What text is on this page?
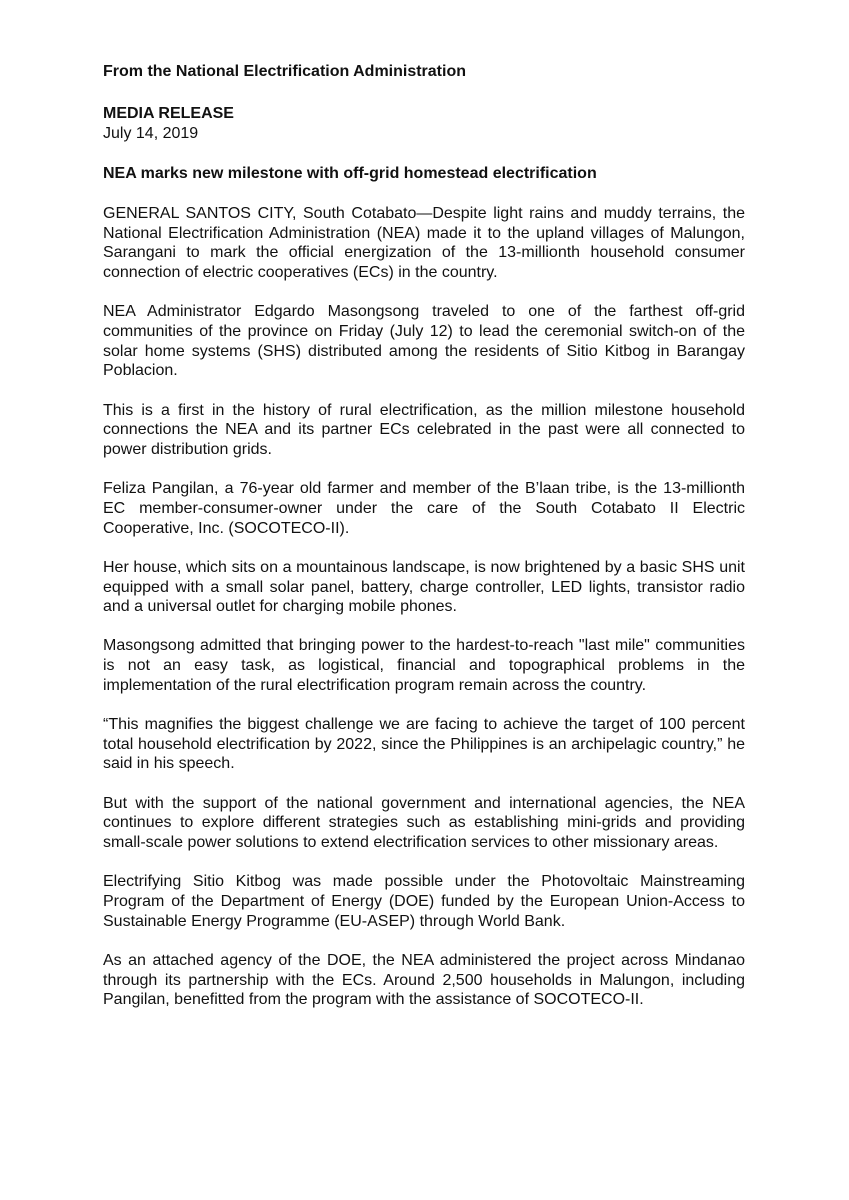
From the National Electrification Administration

MEDIA RELEASE

July 14, 2019

NEA marks new milestone with off-grid homestead electrification

GENERAL SANTOS CITY, South Cotabato—Despite light rains and muddy terrains, the National Electrification Administration (NEA) made it to the upland villages of Malungon, Sarangani to mark the official energization of the 13-millionth household consumer connection of electric cooperatives (ECs) in the country.

NEA Administrator Edgardo Masongsong traveled to one of the farthest off-grid communities of the province on Friday (July 12) to lead the ceremonial switch-on of the solar home systems (SHS) distributed among the residents of Sitio Kitbog in Barangay Poblacion.

This is a first in the history of rural electrification, as the million milestone household connections the NEA and its partner ECs celebrated in the past were all connected to power distribution grids.

Feliza Pangilan, a 76-year old farmer and member of the B’laan tribe, is the 13-millionth EC member-consumer-owner under the care of the South Cotabato II Electric Cooperative, Inc. (SOCOTECO-II).

Her house, which sits on a mountainous landscape, is now brightened by a basic SHS unit equipped with a small solar panel, battery, charge controller, LED lights, transistor radio and a universal outlet for charging mobile phones.

Masongsong admitted that bringing power to the hardest-to-reach "last mile" communities is not an easy task, as logistical, financial and topographical problems in the implementation of the rural electrification program remain across the country.

“This magnifies the biggest challenge we are facing to achieve the target of 100 percent total household electrification by 2022, since the Philippines is an archipelagic country,” he said in his speech.

But with the support of the national government and international agencies, the NEA continues to explore different strategies such as establishing mini-grids and providing small-scale power solutions to extend electrification services to other missionary areas.

Electrifying Sitio Kitbog was made possible under the Photovoltaic Mainstreaming Program of the Department of Energy (DOE) funded by the European Union-Access to Sustainable Energy Programme (EU-ASEP) through World Bank.

As an attached agency of the DOE, the NEA administered the project across Mindanao through its partnership with the ECs. Around 2,500 households in Malungon, including Pangilan, benefitted from the program with the assistance of SOCOTECO-II.
